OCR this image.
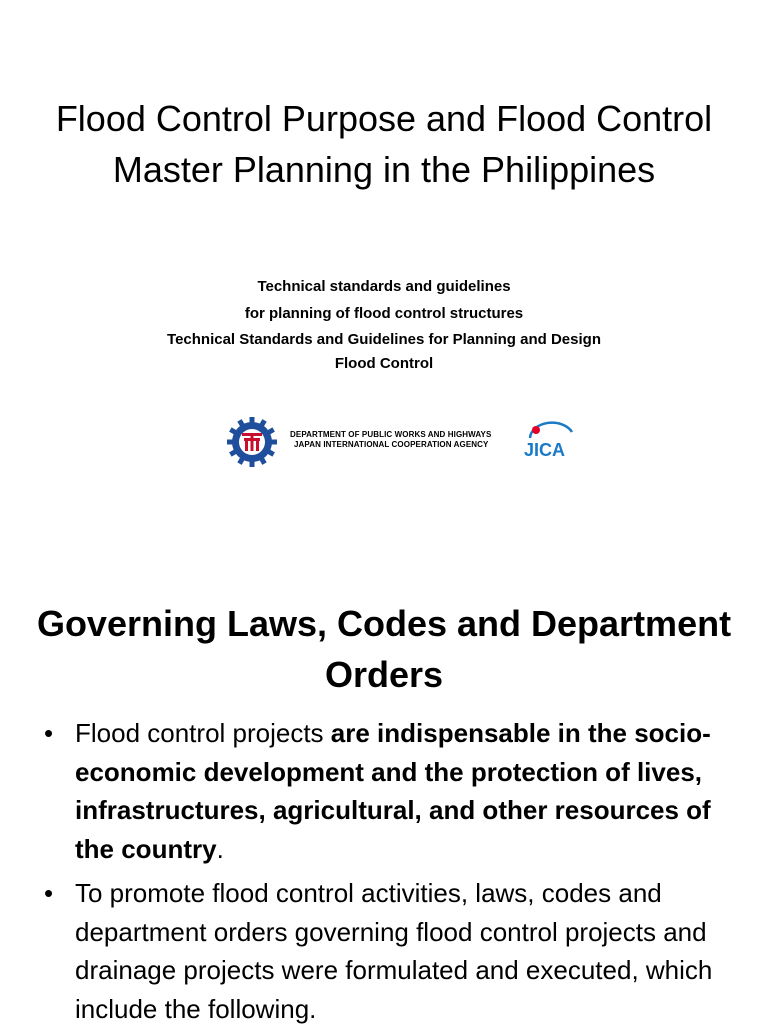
Flood Control Purpose and Flood Control Master Planning in the Philippines
Technical standards and guidelines
for planning of flood control structures
Technical Standards and Guidelines for Planning and Design
Flood Control
DEPARTMENT OF PUBLIC WORKS AND HIGHWAYS
JAPAN INTERNATIONAL COOPERATION AGENCY	JICA
Governing Laws, Codes and Department Orders
• Flood control projects are indispensable in the socio-economic development and the protection of lives, infrastructures, agricultural, and other resources of the country.
• To promote flood control activities, laws, codes and department orders governing flood control projects and drainage projects were formulated and executed, which include the following.
